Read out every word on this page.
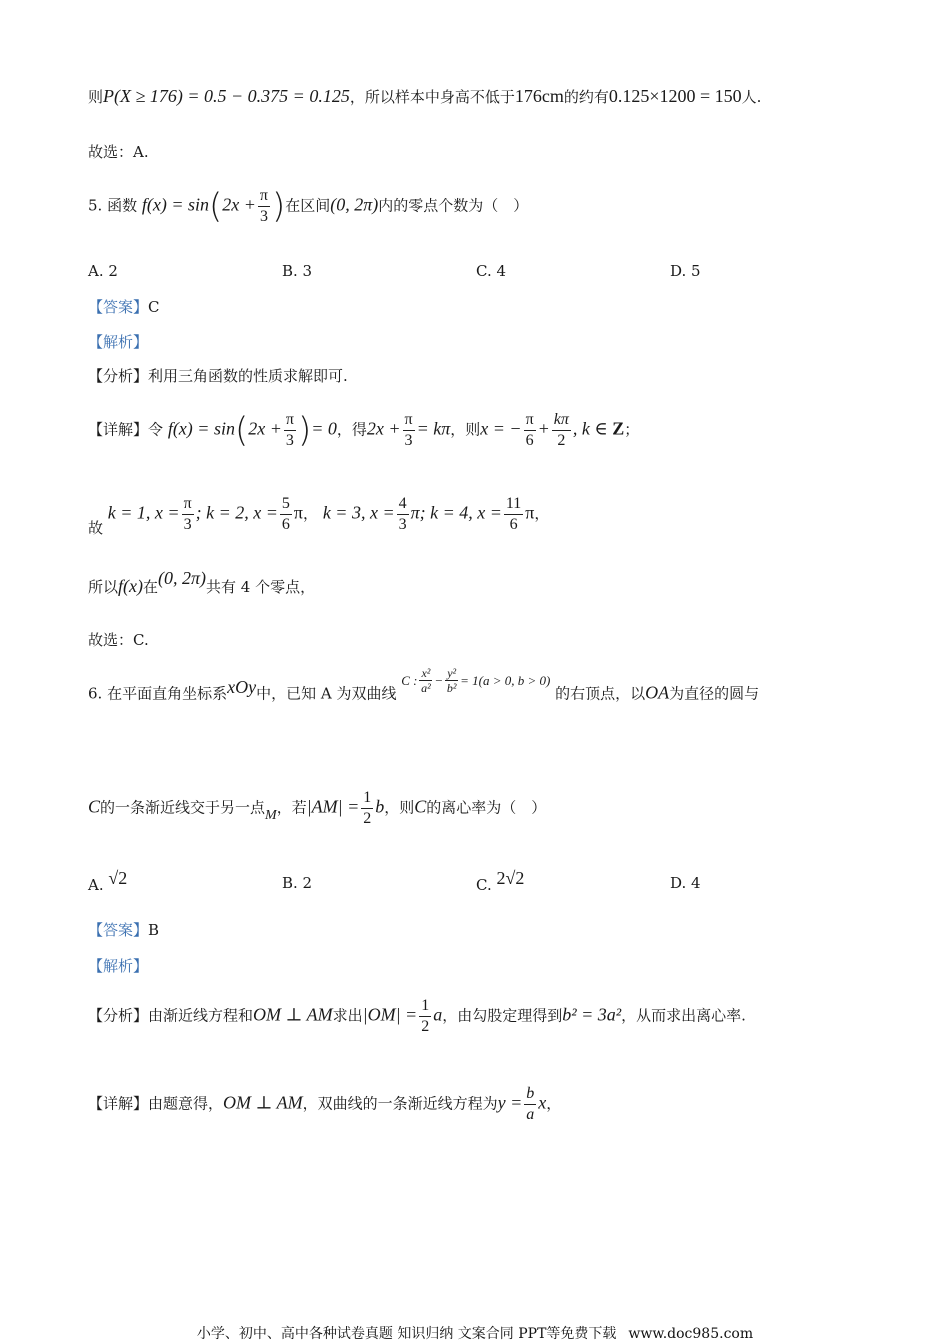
则P(X ≥ 176) = 0.5 − 0.375 = 0.125，所以样本中身高不低于176cm的约有0.125×1200 = 150人.
故选：A.
5. 函数 $f(x) = \sin(2x + \frac{\pi}{3}$ )在区间(0, 2π)内的零点个数为（　）
A. 2	B. 3	C. 4	D. 5
【答案】C
【解析】
【分析】利用三角函数的性质求解即可.
【详解】令 $f(x) = \sin(2x + \frac{\pi}{3}$ )= 0，得$2x + \frac{\pi}{3} = k\pi$，则x = − $\frac{\pi}{6} + \frac{k\pi}{2}$ , k ∈ Z；
故 k = 1, $x = \frac{\pi}{3}$ ; k = 2, $x = \frac{5}{6}$ π， k = 3, $x = \frac{4}{3} \pi$; k = 4, $x = \frac{11}{6}$ π，
所以f(x)在(0, 2π)共有 4 个零点，
故选：C.
6. 在平面直角坐标系xOy中，已知 A 为双曲线 C : $\frac{\text{x²}}{\text{a²}} - \frac{\text{y²}}{\text{b²}} = 1(a > 0$, b > 0) 的右顶点，以OA为直径的圆与
C的一条渐近线交于另一点M，若$|AM| = \frac{1}{2}$ b，则C的离心率为（　）
A. √2	B. 2	C. 2√2	D. 4
【答案】B
【解析】
【分析】由渐近线方程和OM ⊥ AM求出$|OM| = \frac{1}{2}$ a，由勾股定理得到b² = 3a²，从而求出离心率.
【详解】由题意得，OM ⊥ AM，双曲线的一条渐近线方程为$y = \frac{b}{a}$ x，
小学、初中、高中各种试卷真题 知识归纳 文案合同 PPT等免费下载 www.doc985.com
